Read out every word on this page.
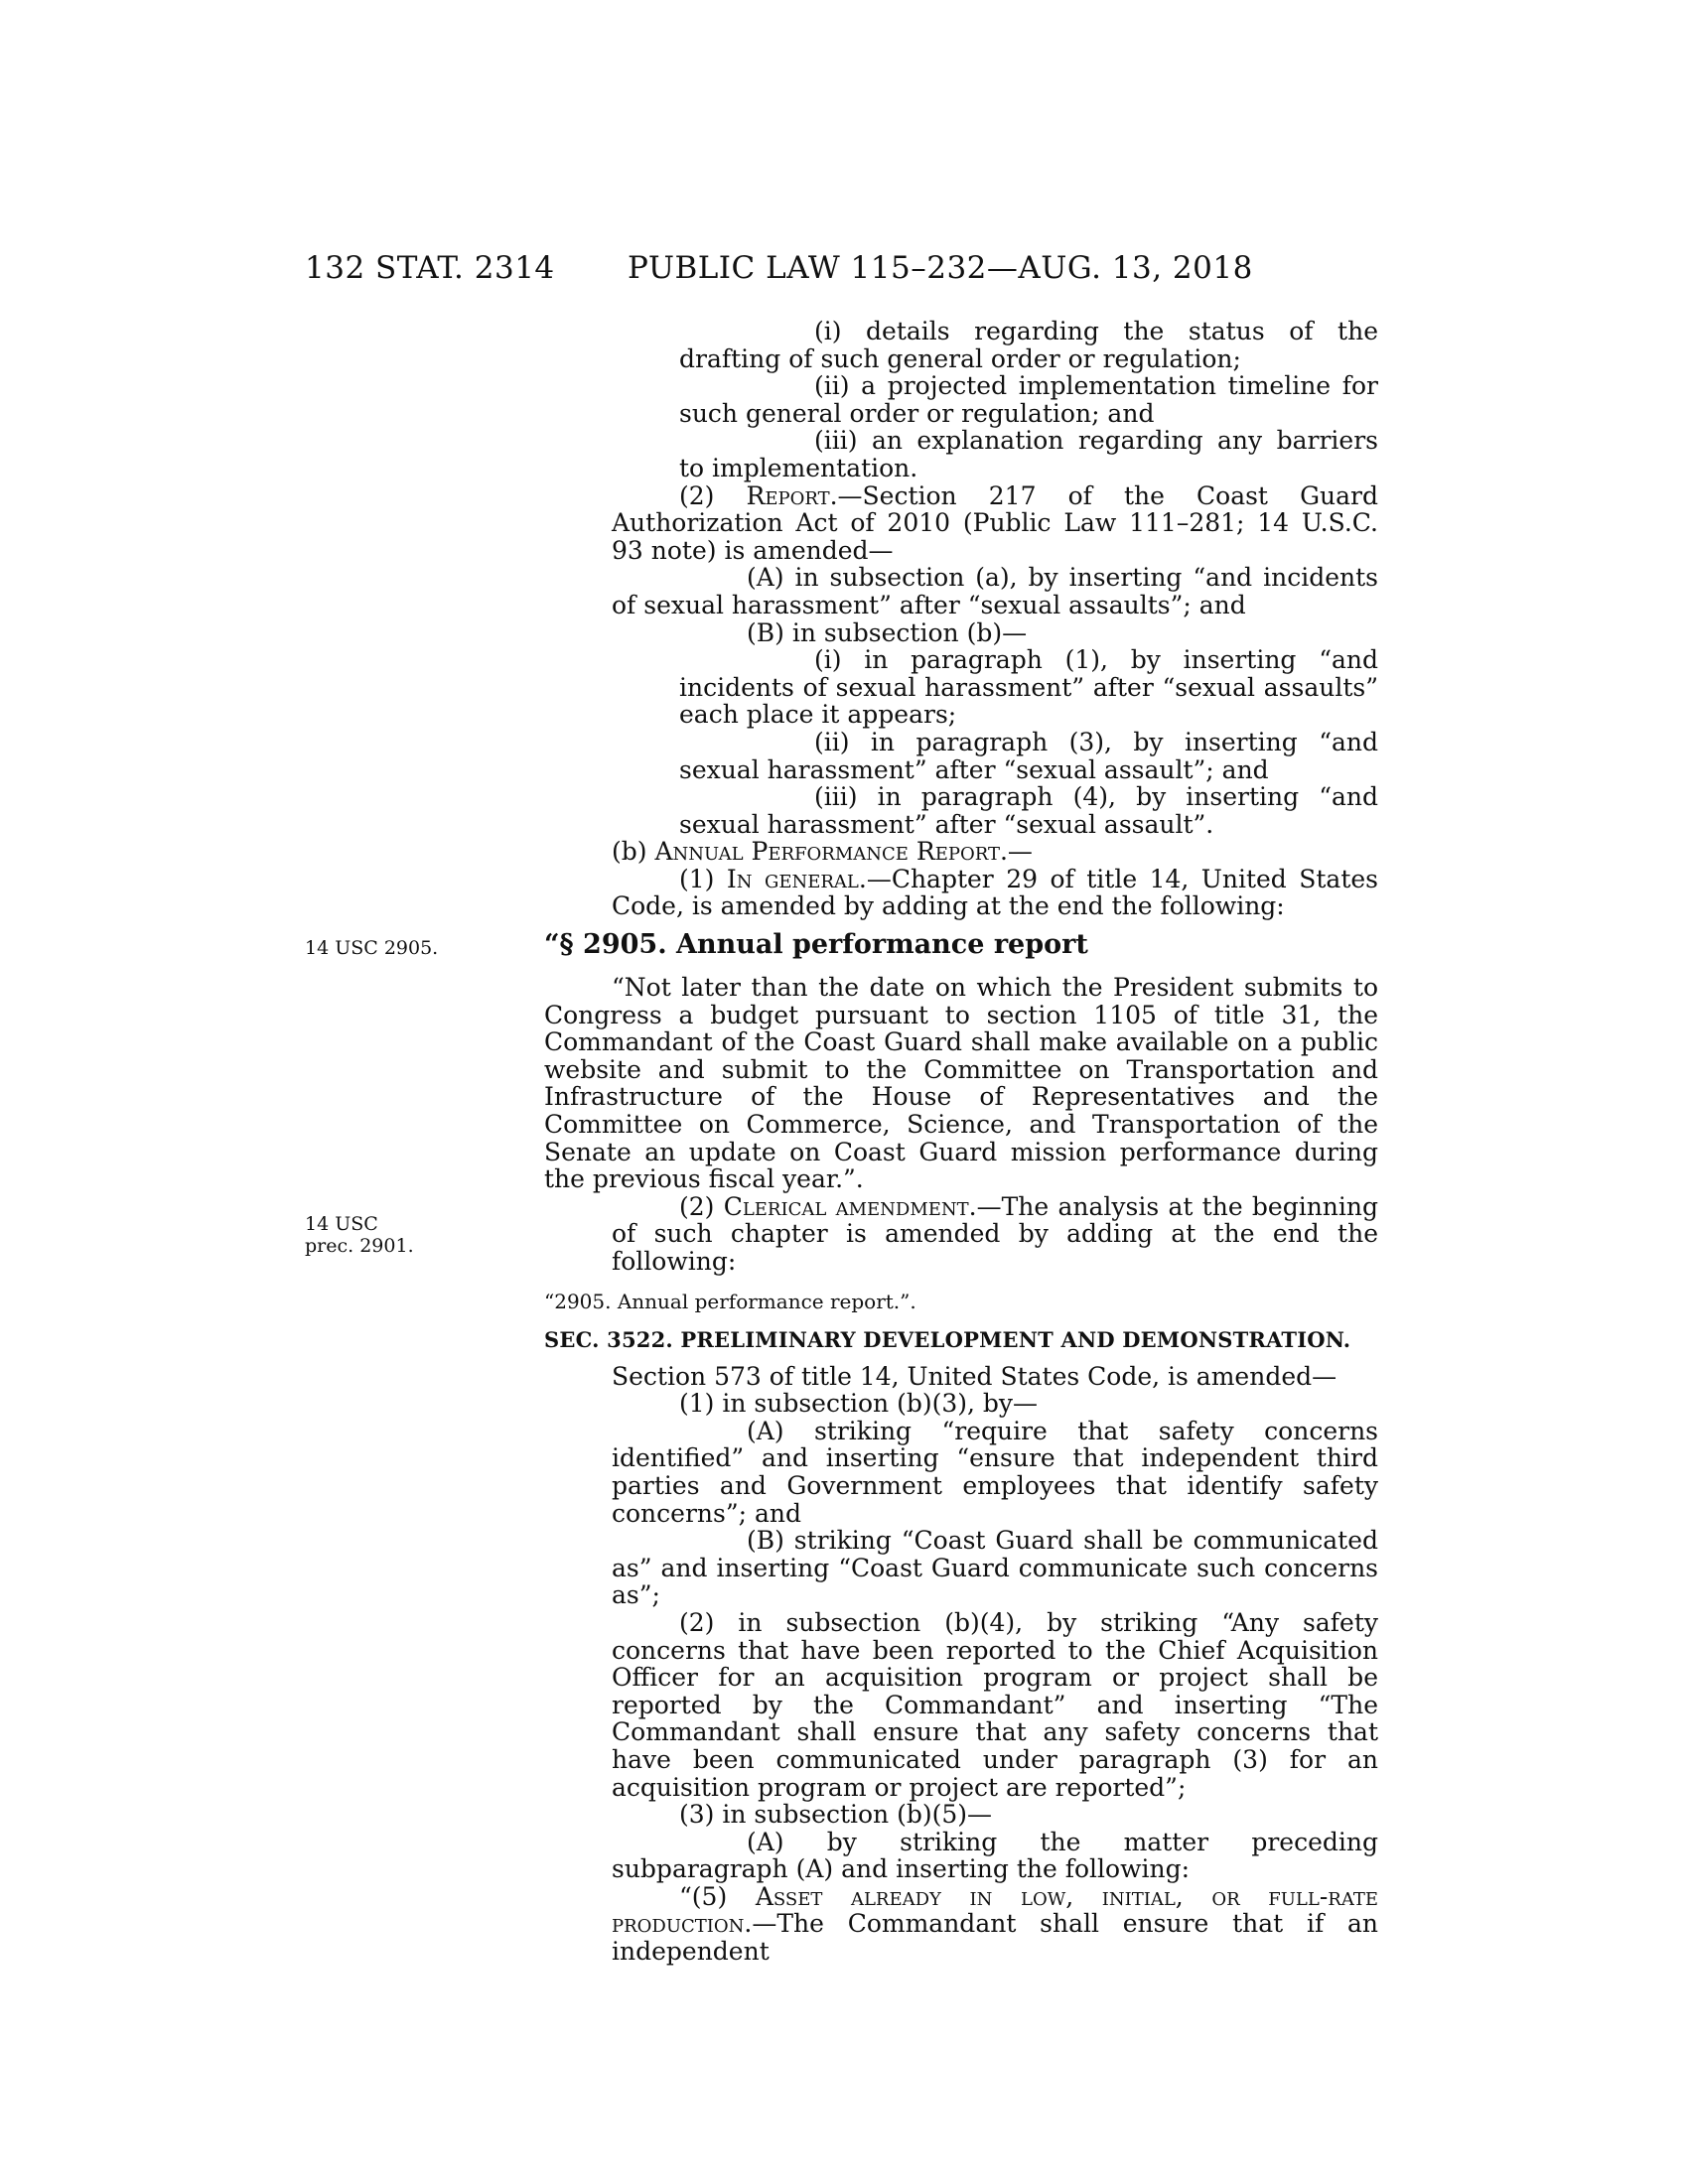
132 STAT. 2314 PUBLIC LAW 115–232—AUG. 13, 2018
14 USC 2905.
14 USC
prec. 2901.

(i) details regarding the status of the drafting of such general order or regulation;

(ii) a projected implementation timeline for such general order or regulation; and

(iii) an explanation regarding any barriers to implementation.

(2) Report.—Section 217 of the Coast Guard Authorization Act of 2010 (Public Law 111–281; 14 U.S.C. 93 note) is amended—

(A) in subsection (a), by inserting “and incidents of sexual harassment” after “sexual assaults”; and

(B) in subsection (b)—

(i) in paragraph (1), by inserting “and incidents of sexual harassment” after “sexual assaults” each place it appears;

(ii) in paragraph (3), by inserting “and sexual harassment” after “sexual assault”; and

(iii) in paragraph (4), by inserting “and sexual harassment” after “sexual assault”.

(b) Annual Performance Report.—

(1) In general.—Chapter 29 of title 14, United States Code, is amended by adding at the end the following:

“§ 2905. Annual performance report

“Not later than the date on which the President submits to Congress a budget pursuant to section 1105 of title 31, the Commandant of the Coast Guard shall make available on a public website and submit to the Committee on Transportation and Infrastructure of the House of Representatives and the Committee on Commerce, Science, and Transportation of the Senate an update on Coast Guard mission performance during the previous fiscal year.”.

(2) Clerical amendment.—The analysis at the beginning of such chapter is amended by adding at the end the following:

“2905. Annual performance report.”.
SEC. 3522. PRELIMINARY DEVELOPMENT AND DEMONSTRATION.

Section 573 of title 14, United States Code, is amended—

(1) in subsection (b)(3), by—

(A) striking “require that safety concerns identified” and inserting “ensure that independent third parties and Government employees that identify safety concerns”; and

(B) striking “Coast Guard shall be communicated as” and inserting “Coast Guard communicate such concerns as”;

(2) in subsection (b)(4), by striking “Any safety concerns that have been reported to the Chief Acquisition Officer for an acquisition program or project shall be reported by the Commandant” and inserting “The Commandant shall ensure that any safety concerns that have been communicated under paragraph (3) for an acquisition program or project are reported”;

(3) in subsection (b)(5)—

(A) by striking the matter preceding subparagraph (A) and inserting the following:

“(5) Asset already in low, initial, or full-rate production.—The Commandant shall ensure that if an independent
